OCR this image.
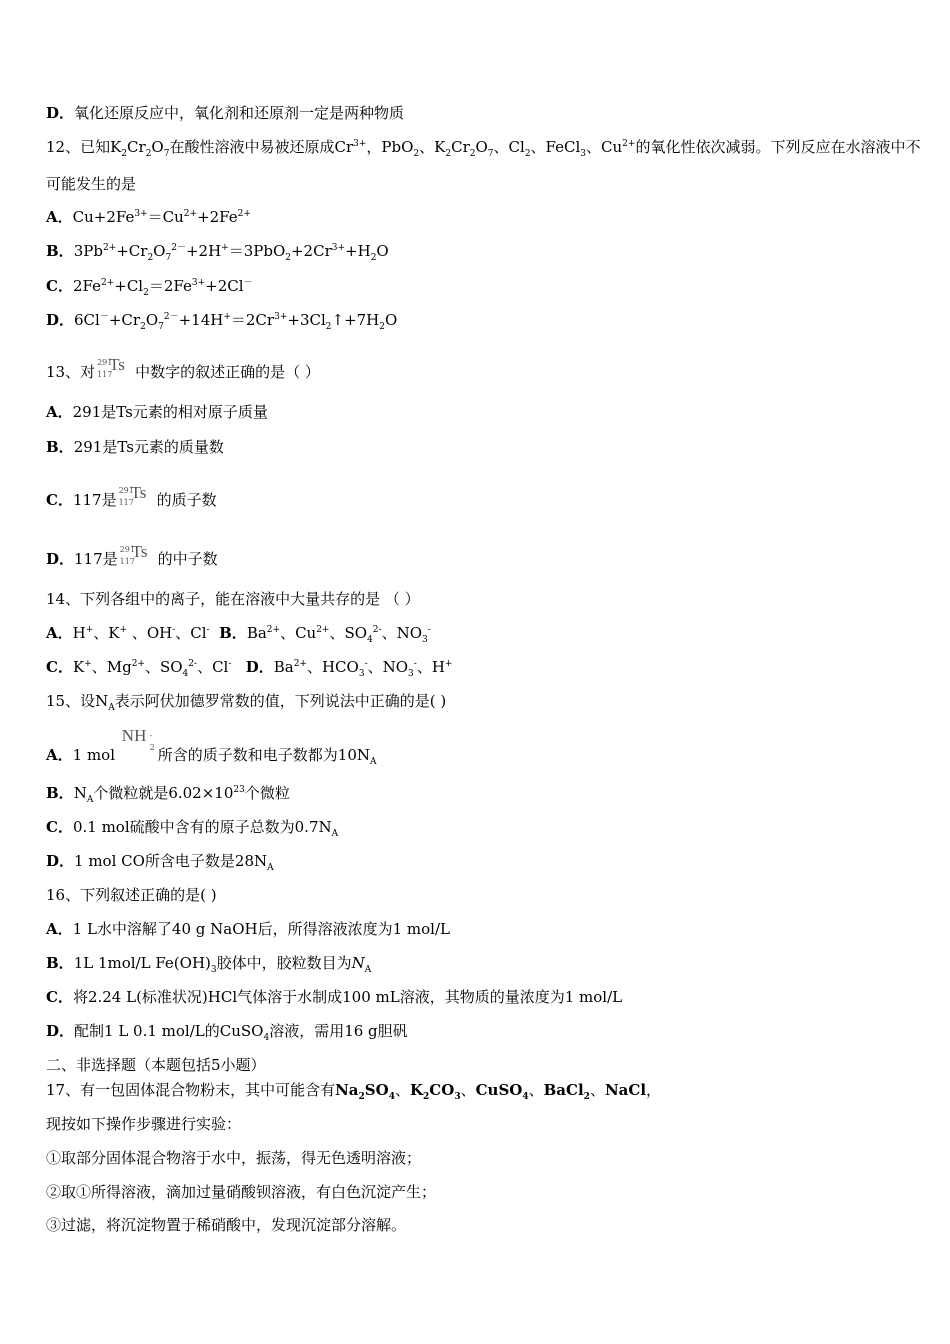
D．氧化还原反应中，氧化剂和还原剂一定是两种物质
12、已知$K_2Cr_2O_7$在酸性溶液中易被还原成$Cr^{3+}$，PbO$_2$、$K_2Cr_2O_7$、$Cl_2$、FeCl$_3$、$Cu^{2+}$的氧化性依次减弱。下列反应在水溶液中不
可能发生的是
A．$Cu+2Fe^{3+}=Cu^{2+}+2Fe^{2+}$
B．$3Pb^{2+}+Cr_2O_7^{2-}+2H^+=3PbO_2+2Cr^{3+}+H_2O$
C．$2Fe^{2+}+Cl_2=2Fe^{3+}+2Cl^-$
D．$6Cl^-+Cr_2O_7^{2-}+14H^+=2Cr^{3+}+3Cl_2↑+7H_2O$
13、对
291
117
Ts 中数字的叙述正确的是（ ）
A．291是Ts元素的相对原子质量
B．291是Ts元素的质量数
C．117是
291
117
Ts 的质子数
D．117是
291
117
Ts 的中子数
14、下列各组中的离子，能在溶液中大量共存的是 （ ）
A．H+、K+ 、OH-、Cl- B．$Ba^{2+}$、$Cu^{2+}$、$SO_4^{2-}$、$NO_3^-$
C．K+、$Mg^{2+}$、$SO_4^{2-}$、Cl- D．$Ba^{2+}$、$HCO_3^-$、$NO_3^-$、H+
15、设$N_A$表示阿伏加德罗常数的值，下列说法中正确的是( )
A．1 mol
NH -
2 所含的质子数和电子数都为$10N_A$
B．$N_A$个微粒就是$6.02\times 10^{23}$个微粒
C．0.1 mol硫酸中含有的原子总数为$0.7N_A$
D．1 mol CO所含电子数是$28N_A$
16、下列叙述正确的是( )
A．1 L水中溶解了40 g NaOH后，所得溶液浓度为1 mol/L
B．1L 1mol/L $Fe(OH)_3$胶体中，胶粒数目为$N_A$
C．将2.24 L(标准状况)HCl气体溶于水制成100 mL溶液，其物质的量浓度为1 mol/L
D．配制1 L 0.1 mol/L的CuSO$_4$溶液，需用16 g胆矾
二、非选择题（本题包括5小题）
17、有一包固体混合物粉末，其中可能含有$Na_2SO_4$、$K_2CO_3$、CuSO$_4$、BaCl$_2$、NaCl，
现按如下操作步骤进行实验：
①取部分固体混合物溶于水中，振荡，得无色透明溶液；
②取①所得溶液，滴加过量硝酸钡溶液，有白色沉淀产生；
③过滤，将沉淀物置于稀硝酸中，发现沉淀部分溶解。
